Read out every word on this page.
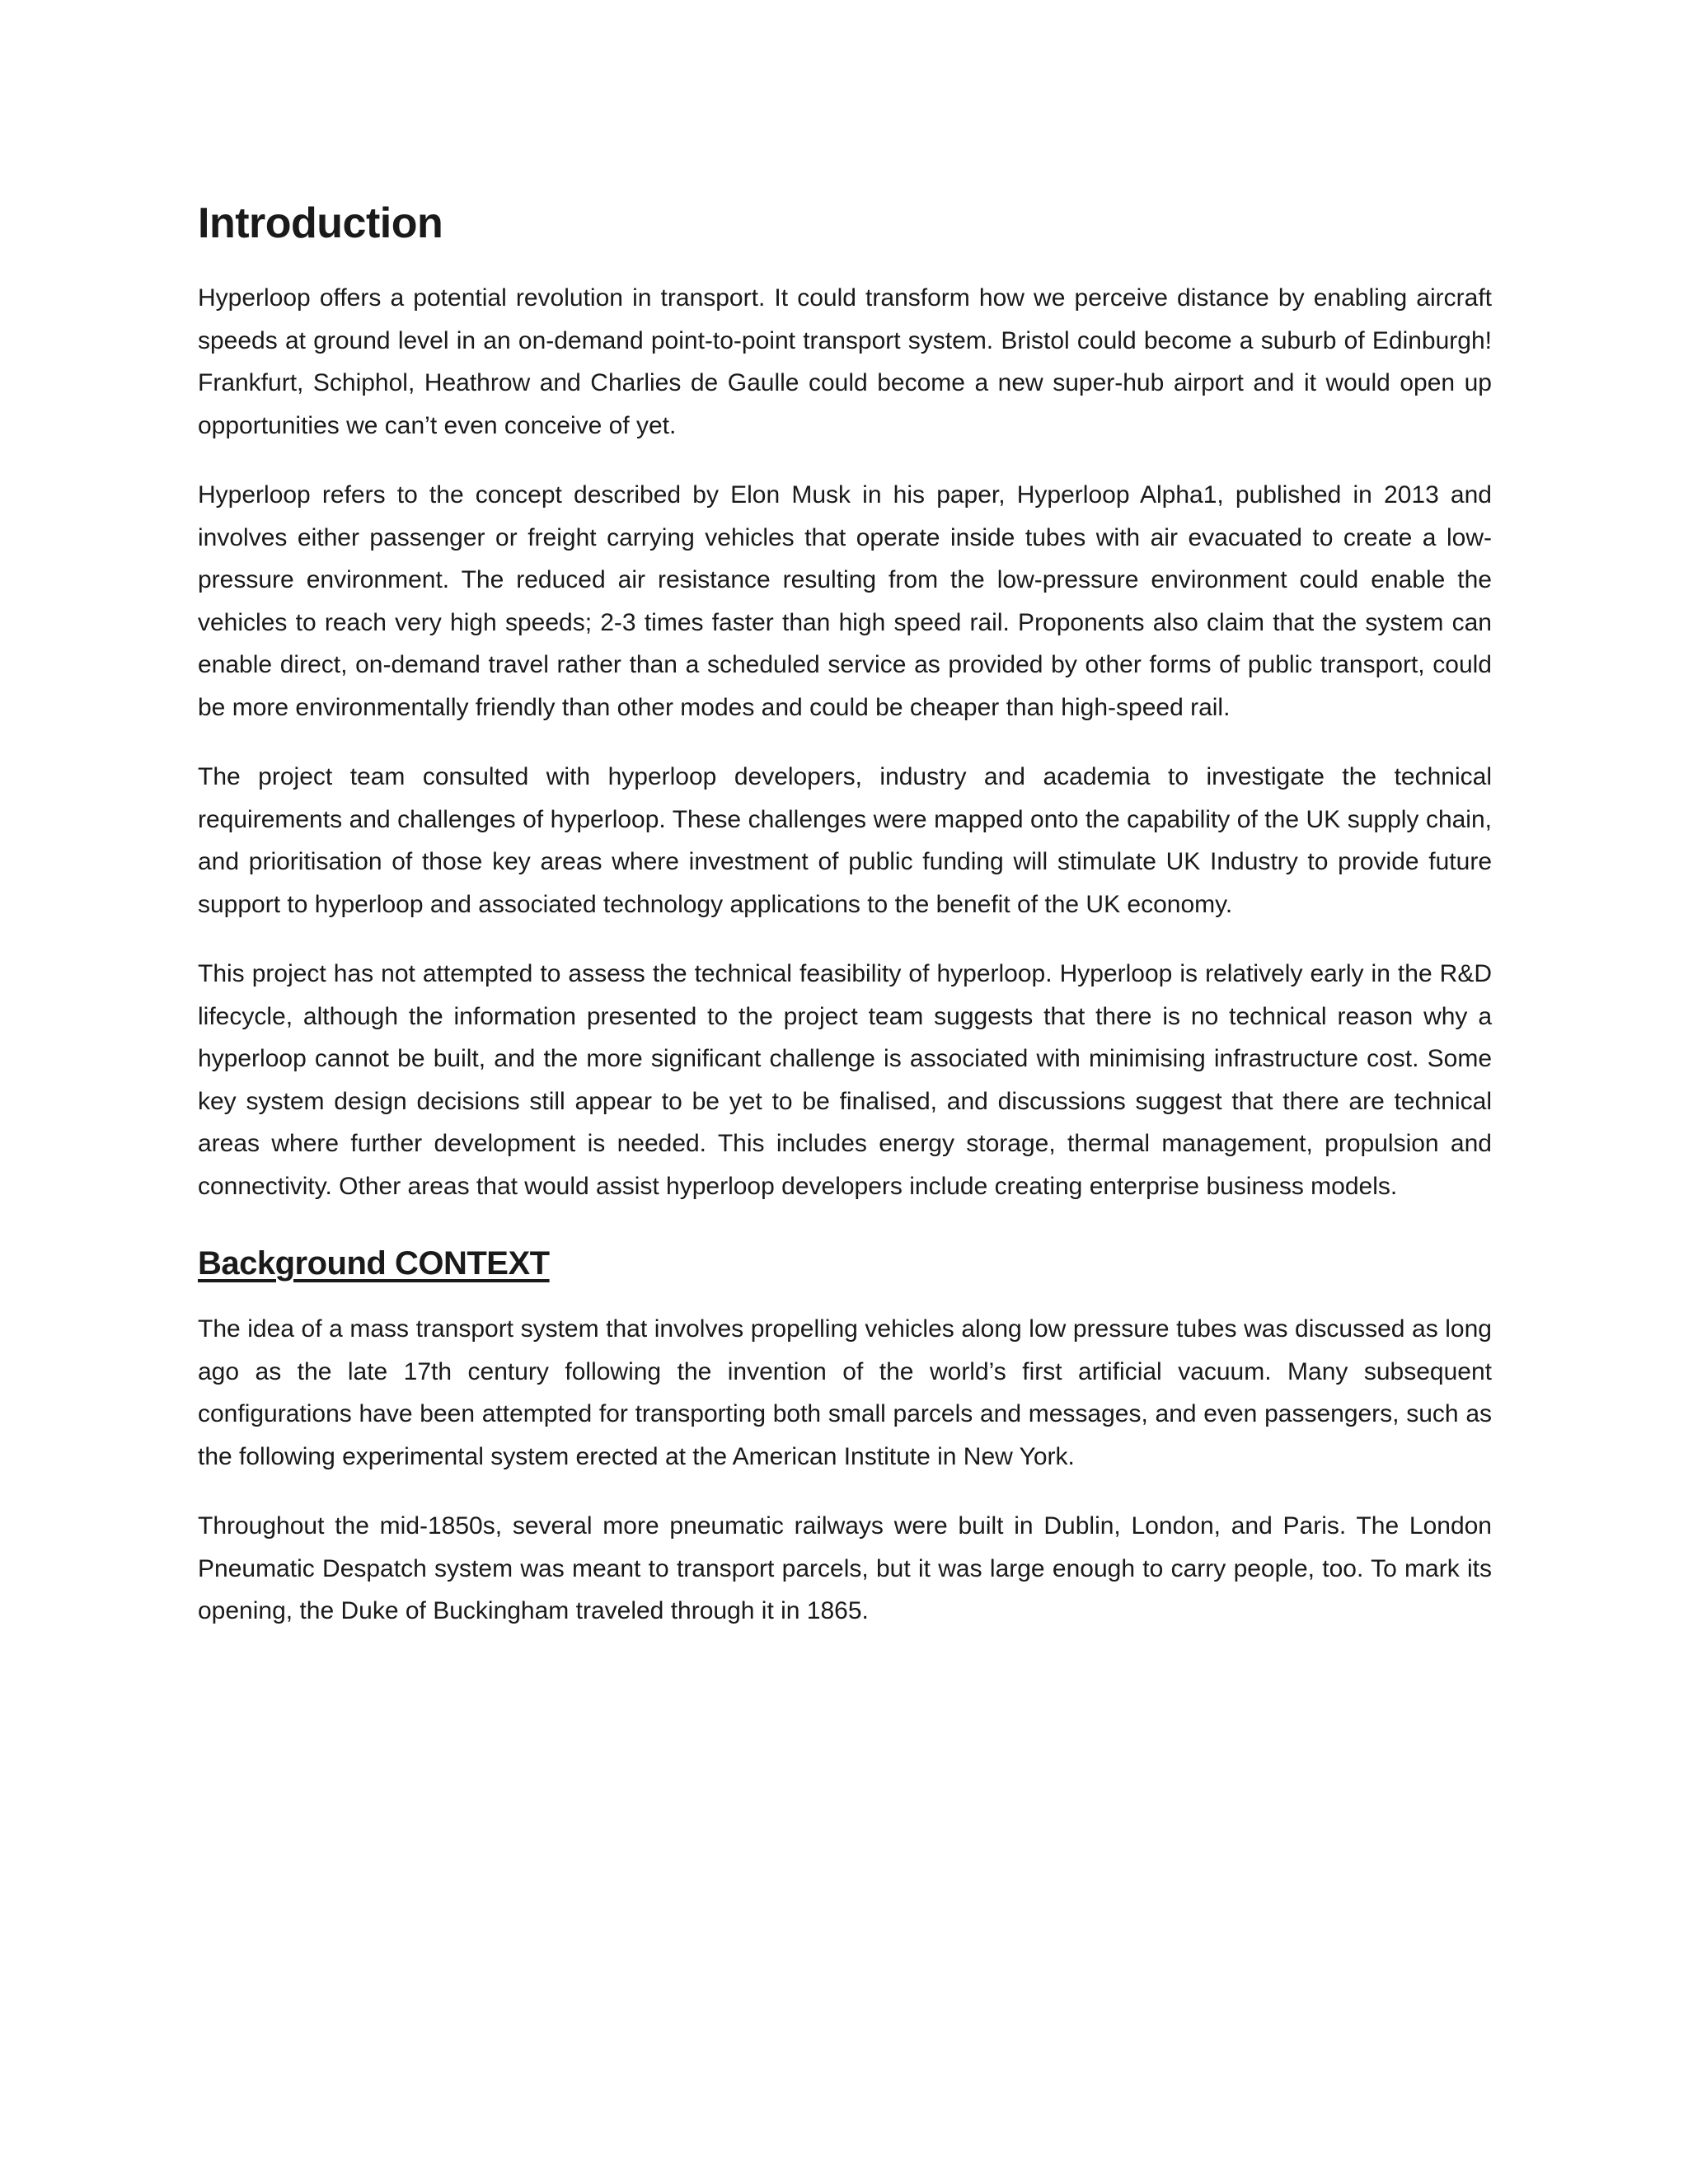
Introduction

Hyperloop offers a potential revolution in transport. It could transform how we perceive distance by enabling aircraft speeds at ground level in an on-demand point-to-point transport system. Bristol could become a suburb of Edinburgh! Frankfurt, Schiphol, Heathrow and Charlies de Gaulle could become a new super-hub airport and it would open up opportunities we can’t even conceive of yet.

Hyperloop refers to the concept described by Elon Musk in his paper, Hyperloop Alpha1, published in 2013 and involves either passenger or freight carrying vehicles that operate inside tubes with air evacuated to create a low-pressure environment. The reduced air resistance resulting from the low-pressure environment could enable the vehicles to reach very high speeds; 2-3 times faster than high speed rail. Proponents also claim that the system can enable direct, on-demand travel rather than a scheduled service as provided by other forms of public transport, could be more environmentally friendly than other modes and could be cheaper than high-speed rail.

The project team consulted with hyperloop developers, industry and academia to investigate the technical requirements and challenges of hyperloop. These challenges were mapped onto the capability of the UK supply chain, and prioritisation of those key areas where investment of public funding will stimulate UK Industry to provide future support to hyperloop and associated technology applications to the benefit of the UK economy.

This project has not attempted to assess the technical feasibility of hyperloop. Hyperloop is relatively early in the R&D lifecycle, although the information presented to the project team suggests that there is no technical reason why a hyperloop cannot be built, and the more significant challenge is associated with minimising infrastructure cost. Some key system design decisions still appear to be yet to be finalised, and discussions suggest that there are technical areas where further development is needed. This includes energy storage, thermal management, propulsion and connectivity. Other areas that would assist hyperloop developers include creating enterprise business models.

Background CONTEXT

The idea of a mass transport system that involves propelling vehicles along low pressure tubes was discussed as long ago as the late 17th century following the invention of the world’s first artificial vacuum. Many subsequent configurations have been attempted for transporting both small parcels and messages, and even passengers, such as the following experimental system erected at the American Institute in New York.

Throughout the mid-1850s, several more pneumatic railways were built in Dublin, London, and Paris. The London Pneumatic Despatch system was meant to transport parcels, but it was large enough to carry people, too. To mark its opening, the Duke of Buckingham traveled through it in 1865.
